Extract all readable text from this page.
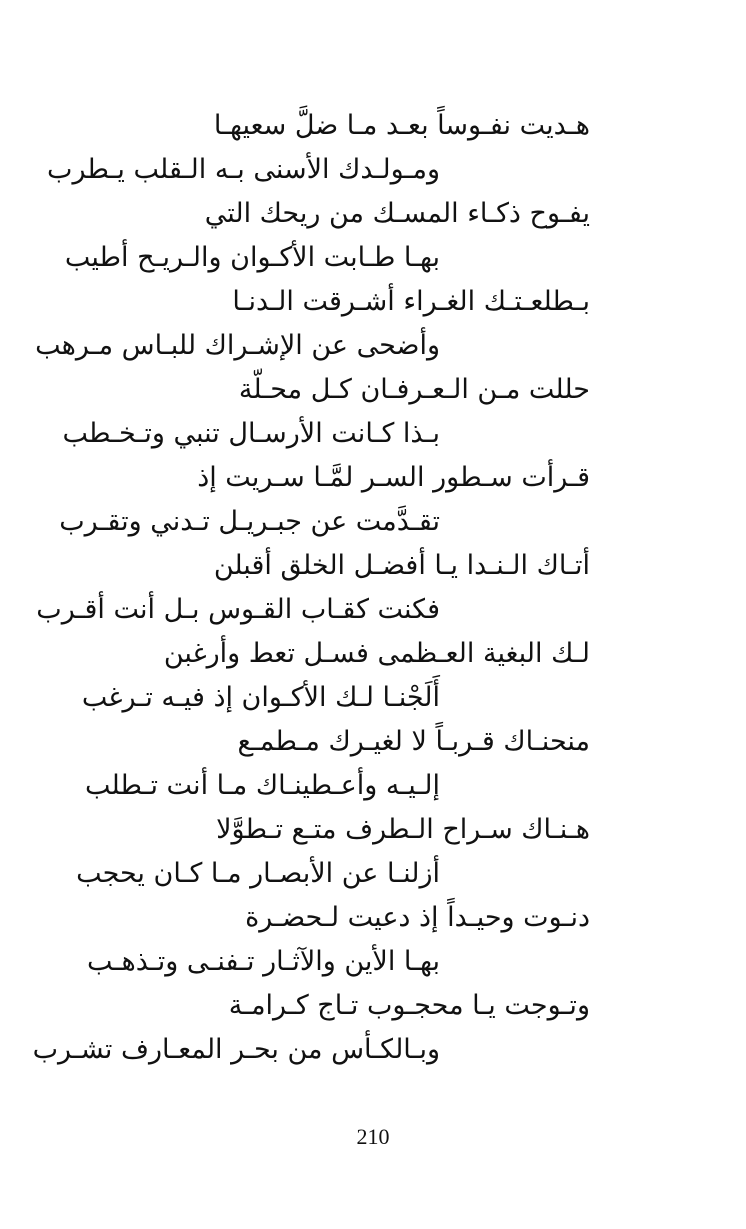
هـديت نفـوساً بعـد مـا ضلَّ سعيهـا
ومـولـدك الأسنى بـه الـقلب يـطرب
يفـوح ذكـاء المسـك من ريحك التي
بهـا طـابت الأكـوان والـريـح أطيب
بـطلعـتـك الغـراء أشـرقت الـدنـا
وأضحى عن الإشـراك للبـاس مـرهب
حللت مـن الـعـرفـان كـل محـلّة
بـذا كـانت الأرسـال تنبي وتـخـطب
قـرأت سـطور السـر لمَّـا سـريت إذ
تقـدَّمت عن جبـريـل تـدني وتقـرب
أتـاك الـنـدا يـا أفضـل الخلق أقبلن
فكنت كقـاب القـوس بـل أنت أقـرب
لـك البغية العـظمى فسـل تعط وأرغبن
أَلَجْنـا لـك الأكـوان إذ فيـه تـرغب
منحنـاك قـربـاً لا لغيـرك مـطمـع
إلـيـه وأعـطينـاك مـا أنت تـطلب
هـنـاك سـراح الـطرف متـع تـطوَّلا
أزلنـا عن الأبصـار مـا كـان يحجب
دنـوت وحيـداً إذ دعيت لـحضـرة
بهـا الأين والآثـار تـفنـى وتـذهـب
وتـوجت يـا محجـوب تـاج كـرامـة
وبـالكـأس من بحـر المعـارف تشـرب
210
